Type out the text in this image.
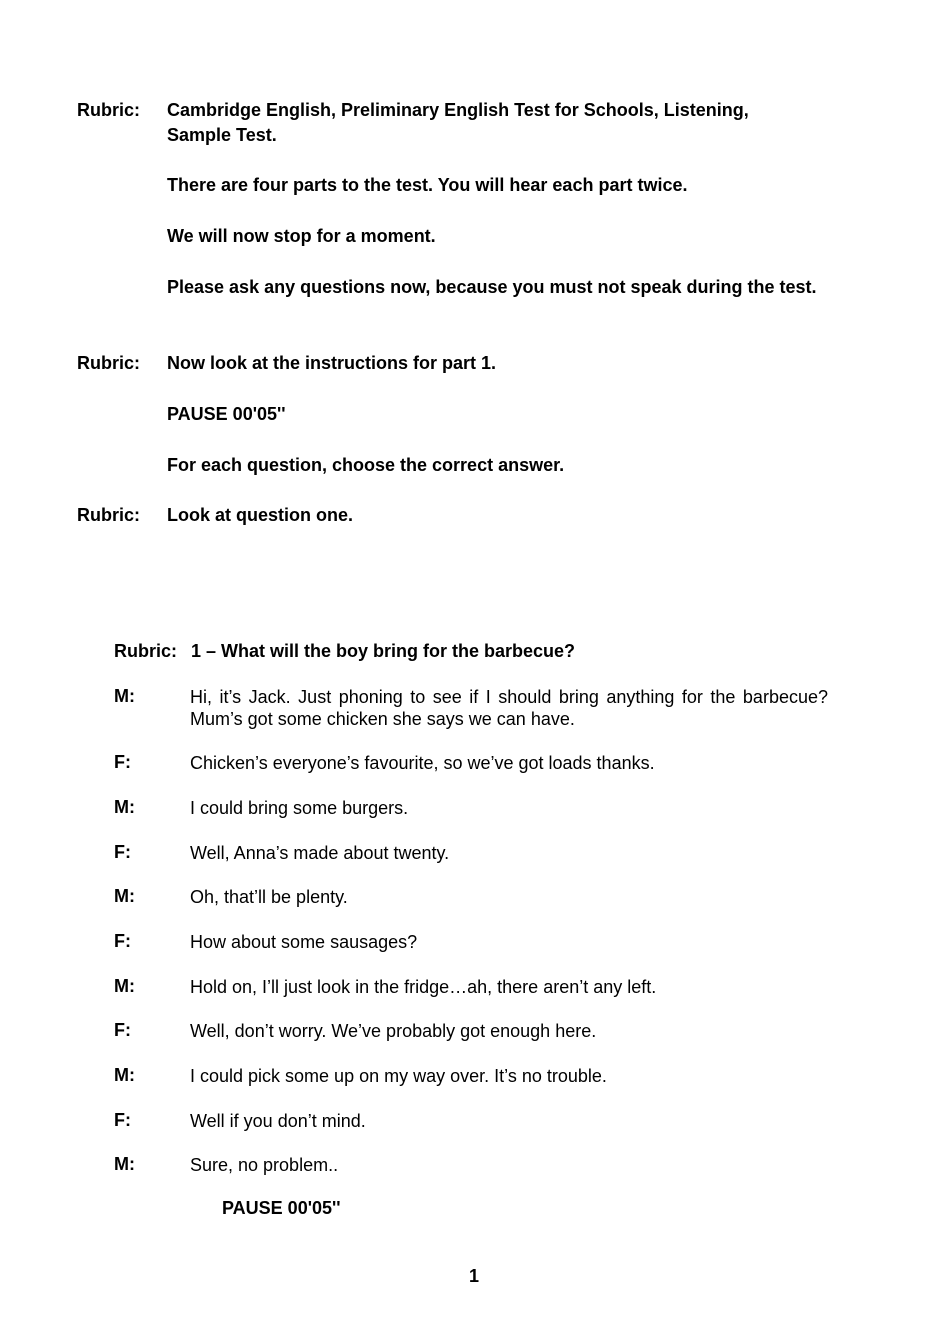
Rubric: Cambridge English, Preliminary English Test for Schools, Listening,
Sample Test.
There are four parts to the test. You will hear each part twice.
We will now stop for a moment.
Please ask any questions now, because you must not speak during the test.
Rubric: Now look at the instructions for part 1.
PAUSE 00'05''
For each question, choose the correct answer.
Rubric: Look at question one.
Rubric: 1 – What will the boy bring for the barbecue?
M:	Hi, it’s Jack. Just phoning to see if I should bring anything for the barbecue? Mum’s got some chicken she says we can have.
F:	Chicken’s everyone’s favourite, so we’ve got loads thanks.
M:	I could bring some burgers.
F:	Well, Anna’s made about twenty.
M:	Oh, that’ll be plenty.
F:	How about some sausages?
M:	Hold on, I’ll just look in the fridge…ah, there aren’t any left.
F:	Well, don’t worry. We’ve probably got enough here.
M:	I could pick some up on my way over. It’s no trouble.
F:	Well if you don’t mind.
M:	Sure, no problem..
PAUSE 00'05''
1
